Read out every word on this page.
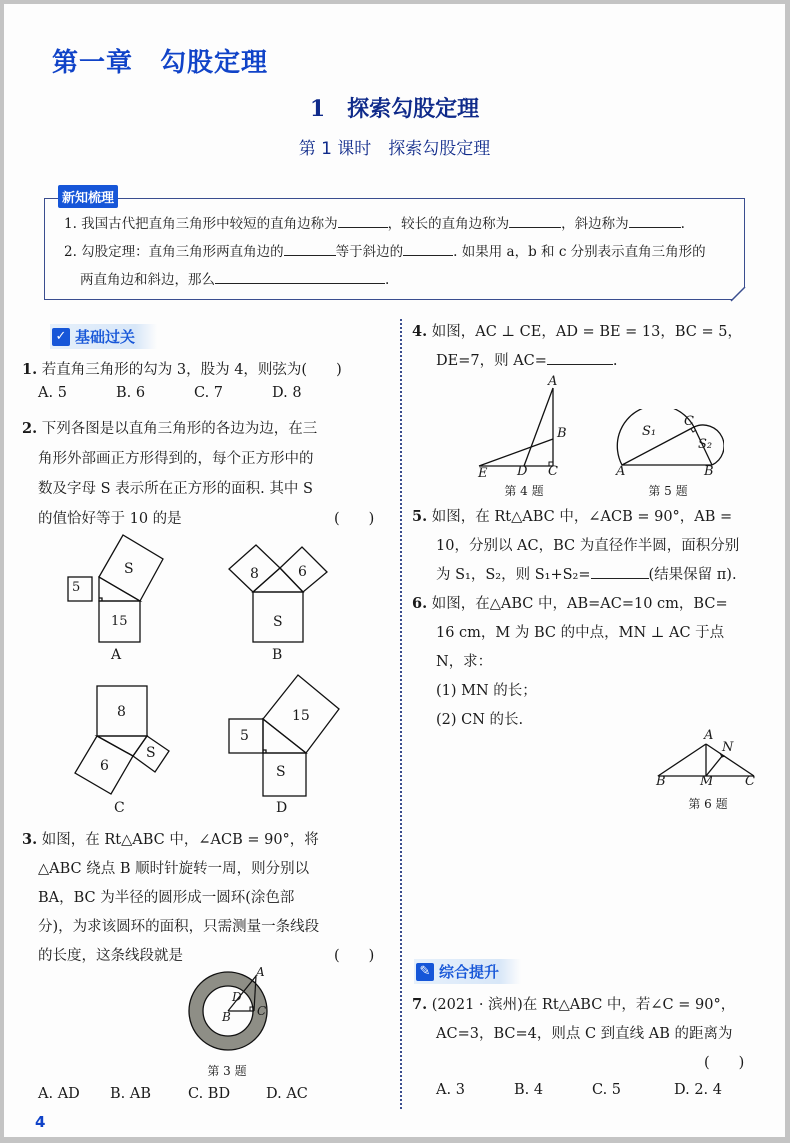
第一章　勾股定理
1　探索勾股定理
第 1 课时　探索勾股定理
新知梳理
1. 我国古代把直角三角形中较短的直角边称为	，较长的直角边称为	，斜边称为	.
2. 勾股定理：直角三角形两直角边的	等于斜边的	. 如果用 a，b 和 c 分别表示直角三角形的
两直角边和斜边，那么	.
✓ 基础过关
1. 若直角三角形的勾为 3，股为 4，则弦为(　　)
A. 5	B. 6	C. 7	D. 8
2. 下列各图是以直角三角形的各边为边，在三
角形外部画正方形得到的，每个正方形中的
数及字母 S 表示所在正方形的面积. 其中 S
的值恰好等于 10 的是	(　　)
S
5
15
A
8	6
S
B
8
6
S
C
15
5
S
D
3. 如图，在 Rt△ABC 中，∠ACB = 90°，将
△ABC 绕点 B 顺时针旋转一周，则分别以
BA，BC 为半径的圆形成一圆环(涂色部
分)，为求该圆环的面积，只需测量一条线段
的长度，这条线段就是	(　　)
A
D
B C
第 3 题
A. AD	B. AB	C. BD	D. AC
4. 如图，AC ⊥ CE，AD = BE = 13，BC = 5，
DE=7，则 AC=	.
A
B
E D C
第 4 题
C
S₁
S₂
A	B
第 5 题
5. 如图，在 Rt△ABC 中，∠ACB = 90°，AB =
10，分别以 AC，BC 为直径作半圆，面积分别
为 S₁，S₂，则 S₁+S₂=	(结果保留 π).
6. 如图，在△ABC 中，AB=AC=10 cm，BC=
16 cm，M 为 BC 的中点，MN ⊥ AC 于点
N，求：
(1) MN 的长；
(2) CN 的长.
A
N
B	M C
第 6 题
✎ 综合提升
7. (2021 · 滨州)在 Rt△ABC 中，若∠C = 90°，
AC=3，BC=4，则点 C 到直线 AB 的距离为
(　　)
A. 3	B. 4	C. 5	D. 2. 4
4
